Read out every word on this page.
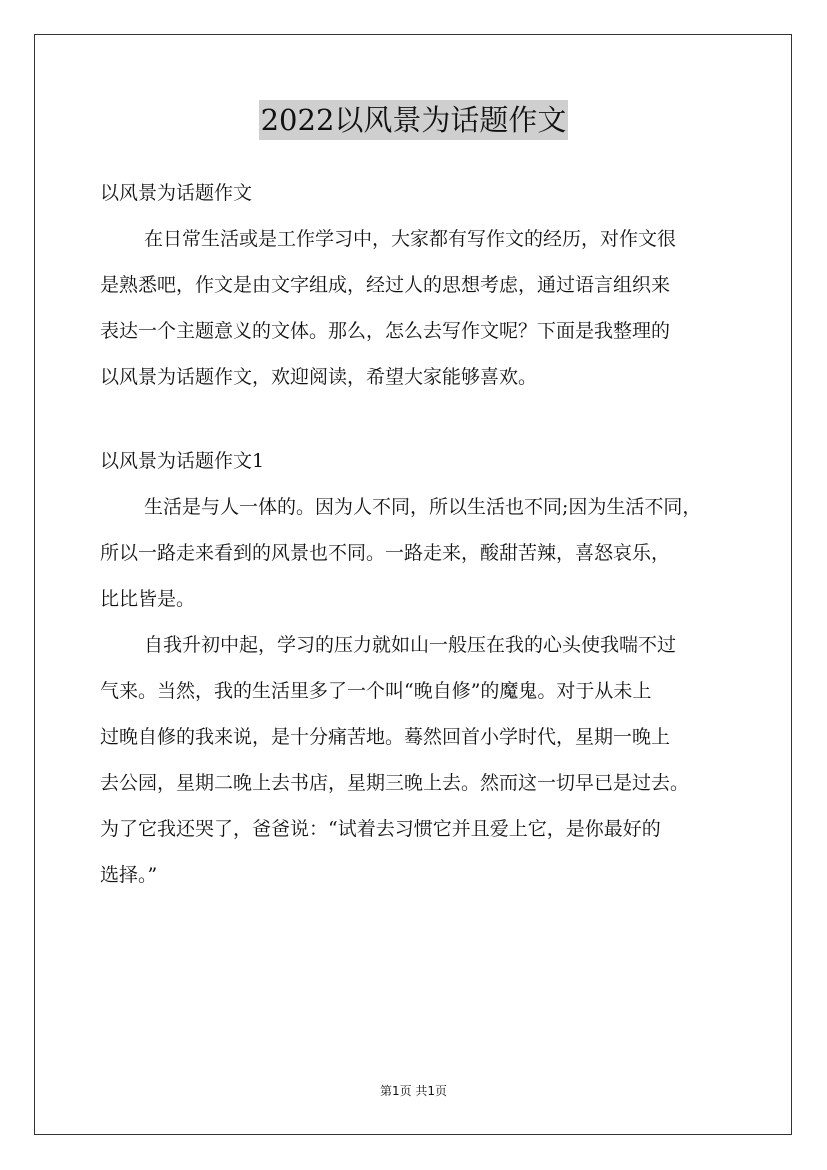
2022以风景为话题作文
以风景为话题作文
在日常生活或是工作学习中，大家都有写作文的经历，对作文很
是熟悉吧，作文是由文字组成，经过人的思想考虑，通过语言组织来
表达一个主题意义的文体。那么，怎么去写作文呢？下面是我整理的
以风景为话题作文，欢迎阅读，希望大家能够喜欢。
以风景为话题作文1
生活是与人一体的。因为人不同，所以生活也不同;因为生活不同，
所以一路走来看到的风景也不同。一路走来，酸甜苦辣，喜怒哀乐，
比比皆是。
自我升初中起，学习的压力就如山一般压在我的心头使我喘不过
气来。当然，我的生活里多了一个叫“晚自修”的魔鬼。对于从未上
过晚自修的我来说，是十分痛苦地。蓦然回首小学时代，星期一晚上
去公园，星期二晚上去书店，星期三晚上去。然而这一切早已是过去。
为了它我还哭了，爸爸说：“试着去习惯它并且爱上它，是你最好的
选择。”
第1页 共1页
